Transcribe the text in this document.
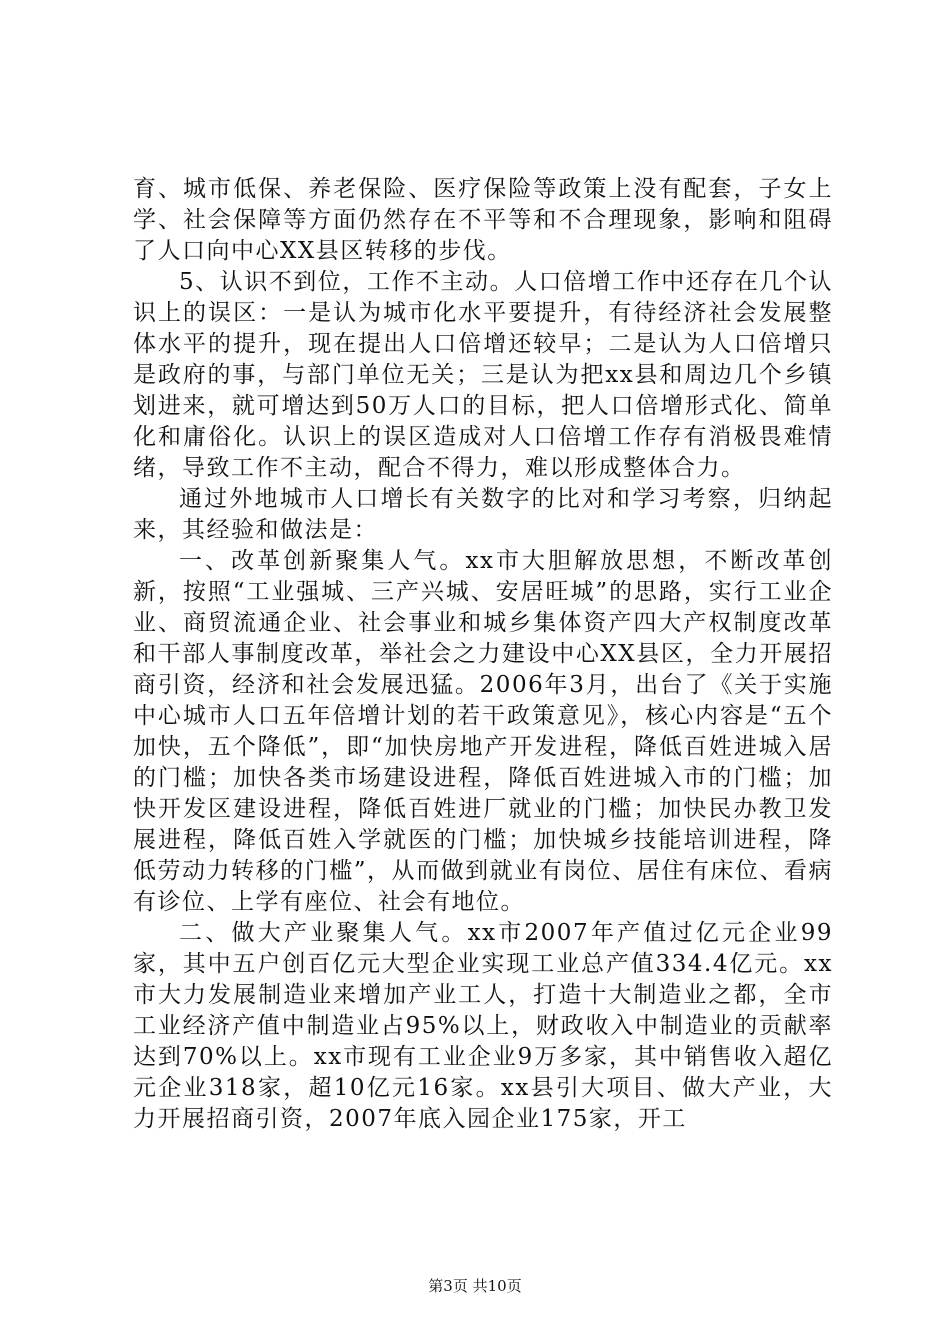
育、城市低保、养老保险、医疗保险等政策上没有配套，子女上学、社会保障等方面仍然存在不平等和不合理现象，影响和阻碍了人口向中心XX县区转移的步伐。

5、认识不到位，工作不主动。人口倍增工作中还存在几个认识上的误区：一是认为城市化水平要提升，有待经济社会发展整体水平的提升，现在提出人口倍增还较早；二是认为人口倍增只是政府的事，与部门单位无关；三是认为把xx县和周边几个乡镇划进来，就可增达到50万人口的目标，把人口倍增形式化、简单化和庸俗化。认识上的误区造成对人口倍增工作存有消极畏难情绪，导致工作不主动，配合不得力，难以形成整体合力。

通过外地城市人口增长有关数字的比对和学习考察，归纳起来，其经验和做法是：

一、改革创新聚集人气。xx市大胆解放思想，不断改革创新，按照“工业强城、三产兴城、安居旺城”的思路，实行工业企业、商贸流通企业、社会事业和城乡集体资产四大产权制度改革和干部人事制度改革，举社会之力建设中心XX县区，全力开展招商引资，经济和社会发展迅猛。2006年3月，出台了《关于实施中心城市人口五年倍增计划的若干政策意见》，核心内容是“五个加快，五个降低”，即“加快房地产开发进程，降低百姓进城入居的门槛；加快各类市场建设进程，降低百姓进城入市的门槛；加快开发区建设进程，降低百姓进厂就业的门槛；加快民办教卫发展进程，降低百姓入学就医的门槛；加快城乡技能培训进程，降低劳动力转移的门槛”，从而做到就业有岗位、居住有床位、看病有诊位、上学有座位、社会有地位。

二、做大产业聚集人气。xx市2007年产值过亿元企业99家，其中五户创百亿元大型企业实现工业总产值334.4亿元。xx市大力发展制造业来增加产业工人，打造十大制造业之都，全市工业经济产值中制造业占95%以上，财政收入中制造业的贡献率达到70%以上。xx市现有工业企业9万多家，其中销售收入超亿元企业318家，超10亿元16家。xx县引大项目、做大产业，大力开展招商引资，2007年底入园企业175家，开工

第3页 共10页
